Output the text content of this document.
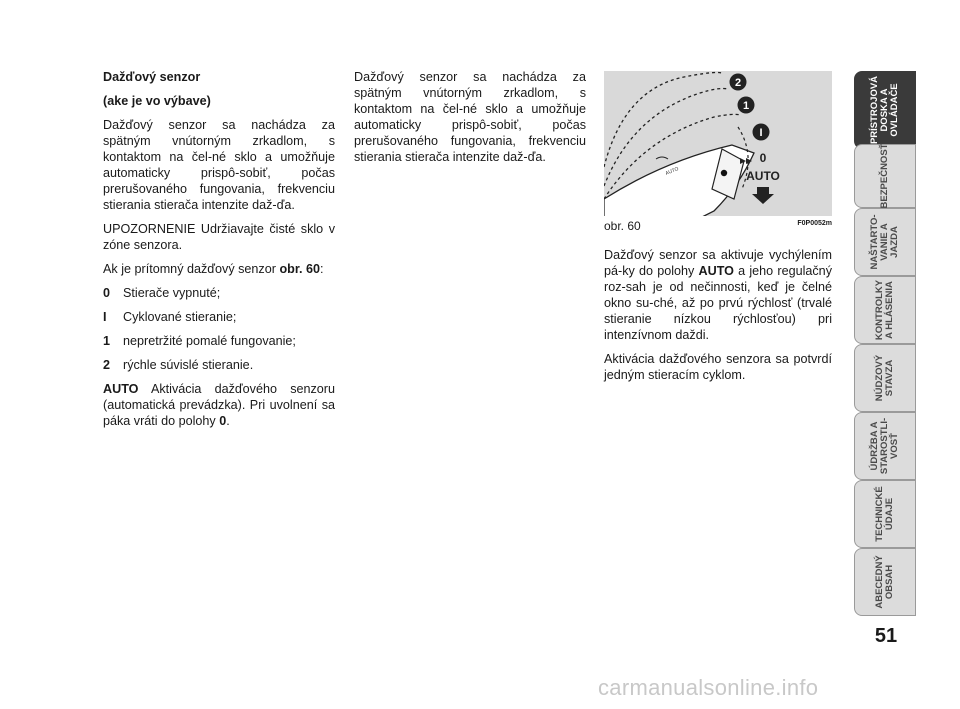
Dažďový senzor

(ake je vo výbave)

Dažďový senzor sa nachádza za spätným vnútorným zrkadlom, s kontaktom na čel-né sklo a umožňuje automaticky prispô-sobiť, počas prerušovaného fungovania, frekvenciu stierania stierača intenzite daž-ďa.

UPOZORNENIE Udržiavajte čisté sklo v zóne senzora.

Ak je prítomný dažďový senzor obr. 60:

0	Stierače vypnuté;
I	Cyklované stieranie;
1	nepretržité pomalé fungovanie;
2	rýchle súvislé stieranie.

AUTO Aktivácia dažďového senzoru (automatická prevádzka). Pri uvolnení sa páka vráti do polohy 0.

Dažďový senzor sa nachádza za spätným vnútorným zrkadlom, s kontaktom na čel-né sklo a umožňuje automaticky prispô-sobiť, počas prerušovaného fungovania, frekvenciu stierania stierača intenzite daž-ďa.

AUTO
2
1
I
0
AUTO
obr. 60	F0P0052m

Dažďový senzor sa aktivuje vychýlením pá-ky do polohy AUTO a jeho regulačný roz-sah je od nečinnosti, keď je čelné okno su-ché, až po prvú rýchlosť (trvalé stieranie nízkou rýchlosťou) pri intenzívnom daždi.

Aktivácia dažďového senzora sa potvrdí jedným stieracím cyklom.

PRÍSTROJOVÁ
DOSKA A
OVLÁDAČE
BEZPEČNOSŤ
NAŠTARTO-
VANIE A
JAZDA
KONTROLKY
A HLÁSENIA
NÚDZOVÝ
STAVZA
ÚDRŽBA A
STAROSTLI-
VOSŤ
TECHNICKÉ
ÚDAJE
ABECEDNÝ
OBSAH
51
carmanualsonline.info
